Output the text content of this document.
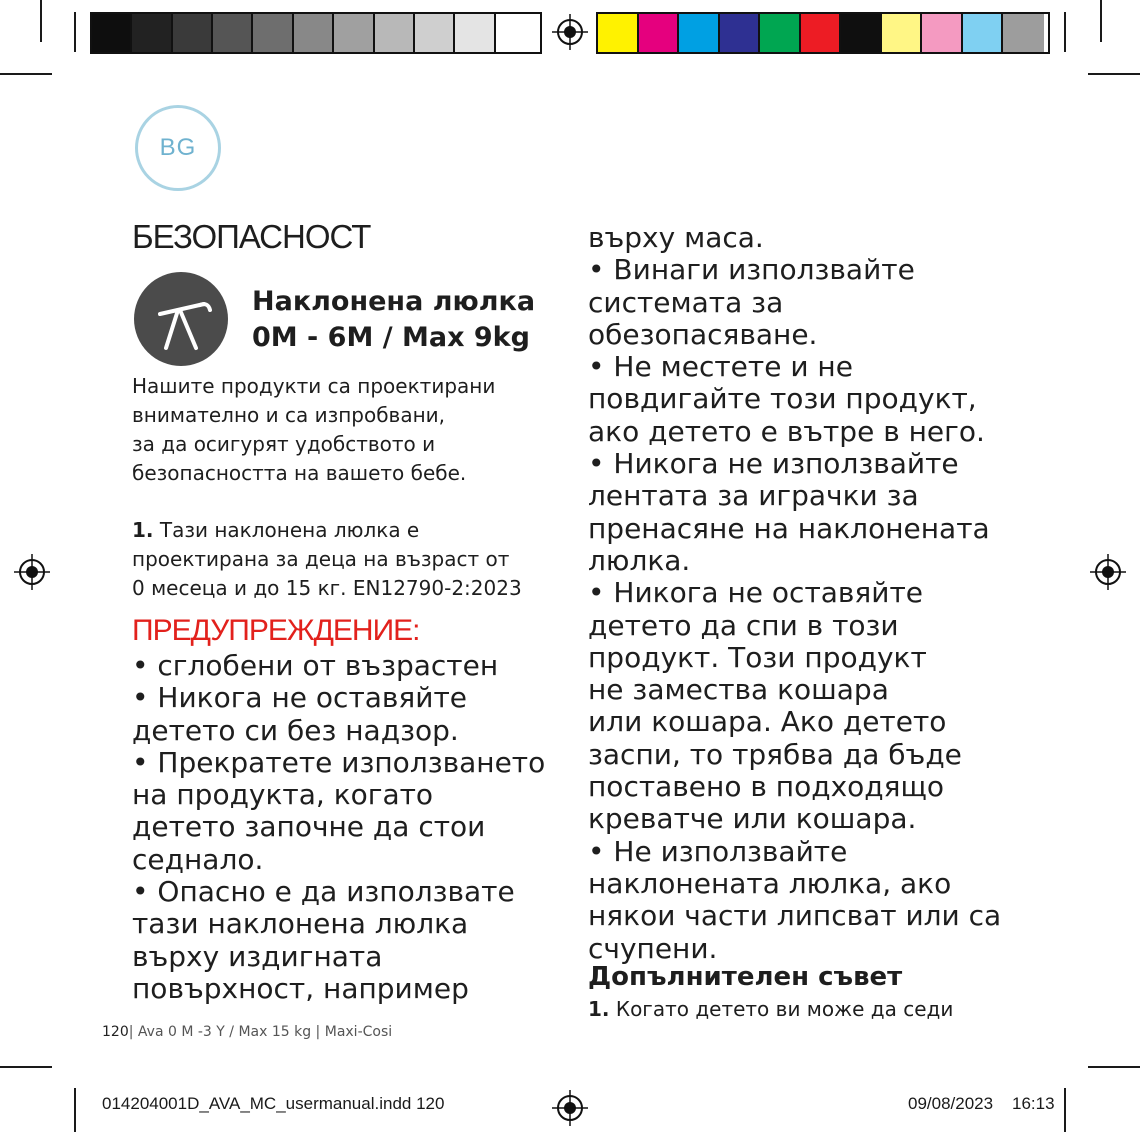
BG
БЕЗОПАСНОСТ
Наклонена люлка
0M - 6M / Max 9kg

Нашите продукти са проектирани

внимателно и са изпробвани,

за да осигурят удобството и

безопасността на вашето бебе.

1. Тази наклонена люлка е

проектирана за деца на възраст от

0 месеца и до 15 кг. EN12790-2:2023

ПРЕДУПРЕЖДЕНИЕ:

• сглобени от възрастен

• Никога не оставяйте

детето си без надзор.

• Прекратете използването

на продукта, когато

детето започне да стои

седнало.

• Опасно е да използвате

тази наклонена люлка

върху издигната

повърхност, например

върху маса.

• Винаги използвайте

системата за

обезопасяване.

• Не местете и не

повдигайте този продукт,

ако детето е вътре в него.

• Никога не използвайте

лентата за играчки за

пренасяне на наклонената

люлка.

• Никога не оставяйте

детето да спи в този

продукт. Този продукт

не замества кошара

или кошара. Ако детето

заспи, то трябва да бъде

поставено в подходящо

креватче или кошара.

• Не използвайте

наклонената люлка, ако

някои части липсват или са

счупени.

Допълнителен съвет
1. Когато детето ви може да седи
120| Ava 0 M -3 Y / Max 15 kg | Maxi-Cosi
014204001D_AVA_MC_usermanual.indd 120	09/08/2023 16:13
